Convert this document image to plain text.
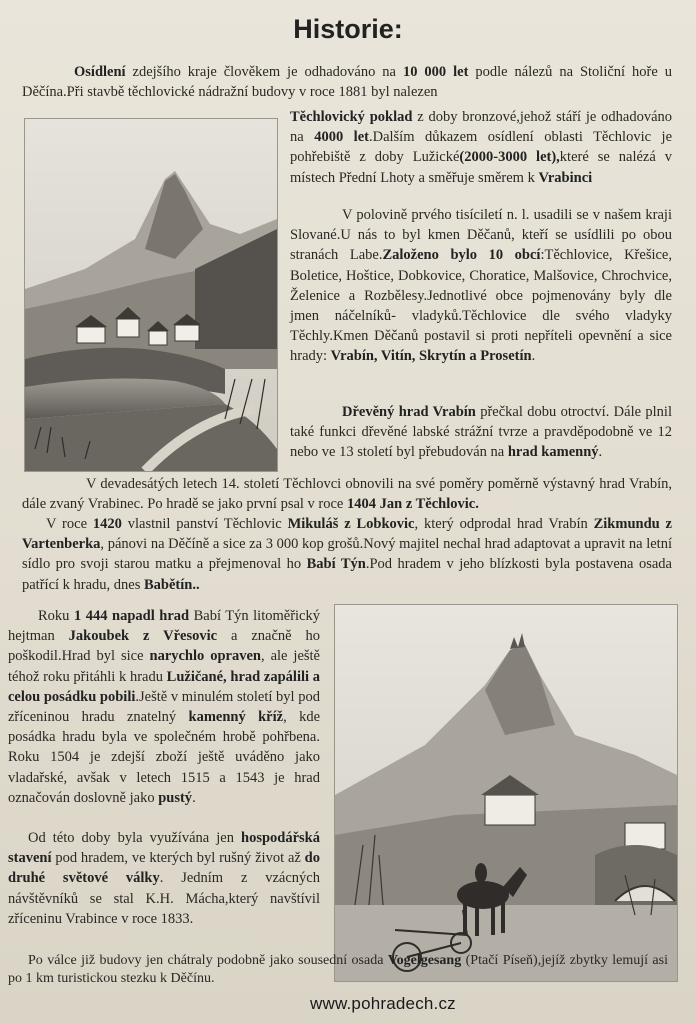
Historie:

Osídlení zdejšího kraje člověkem je odhadováno na 10 000 let podle nálezů na Stoliční hoře u Děčína.Při stavbě těchlovické nádražní budovy v roce 1881 byl nalezen

Těchlovický poklad z doby bronzové,jehož stáří je odhadováno na 4000 let.Dalším důkazem osídlení oblasti Těchlovic je pohřebiště z doby Lužické(2000-3000 let),které se nalézá v místech Přední Lhoty a směřuje směrem k Vrabinci

V polovině prvého tisíciletí n. l. usadili se v našem kraji Slované.U nás to byl kmen Děčanů, kteří se usídlili po obou stranách Labe.Založeno bylo 10 obcí:Těchlovice, Křešice, Boletice, Hoštice, Dobkovice, Choratice, Malšovice, Chrochvice, Želenice a Rozbělesy.Jednotlivé obce pojmenovány byly dle jmen náčelníků- vladyků.Těchlovice dle svého vladyky Těchly.Kmen Děčanů postavil si proti nepříteli opevnění a sice hrady: Vrabín, Vitín, Skrytín a Prosetín.

Dřevěný hrad Vrabín přečkal dobu otroctví. Dále plnil také funkci dřevěné labské strážní tvrze a pravděpodobně ve 12 nebo ve 13 století byl přebudován na hrad kamenný.

V devadesátých letech 14. století Těchlovci obnovili na své poměry poměrně výstavný hrad Vrabín, dále zvaný Vrabinec. Po hradě se jako první psal v roce 1404 Jan z Těchlovic.

V roce 1420 vlastnil panství Těchlovic Mikuláš z Lobkovic, který odprodal hrad Vrabín Zikmundu z Vartenberka, pánovi na Děčíně a sice za 3 000 kop grošů.Nový majitel nechal hrad adaptovat a upravit na letní sídlo pro svoji starou matku a přejmenoval ho Babí Týn.Pod hradem v jeho blízkosti byla postavena osada patřící k hradu, dnes Babětín..

Roku 1 444 napadl hrad Babí Týn litoměřický hejtman Jakoubek z Vřesovic a značně ho poškodil.Hrad byl sice narychlo opraven, ale ještě téhož roku přitáhli k hradu Lužičané, hrad zapálili a celou posádku pobili.Ještě v minulém století byl pod zříceninou hradu znatelný kamenný kříž, kde posádka hradu byla ve společném hrobě pohřbena. Roku 1504 je zdejší zboží ještě uváděno jako vladařské, avšak v letech 1515 a 1543 je hrad označován doslovně jako pustý.

Od této doby byla využívána jen hospodářská stavení pod hradem, ve kterých byl rušný život až do druhé světové války. Jedním z vzácných návštěvníků se stal K.H. Mácha,který navštívil zříceninu Vrabince v roce 1833.

Po válce již budovy jen chátraly podobně jako sousední osada Vogelgesang (Ptačí Píseň),jejíž zbytky lemují asi po 1 km turistickou stezku k Děčínu.

www.pohradech.cz
